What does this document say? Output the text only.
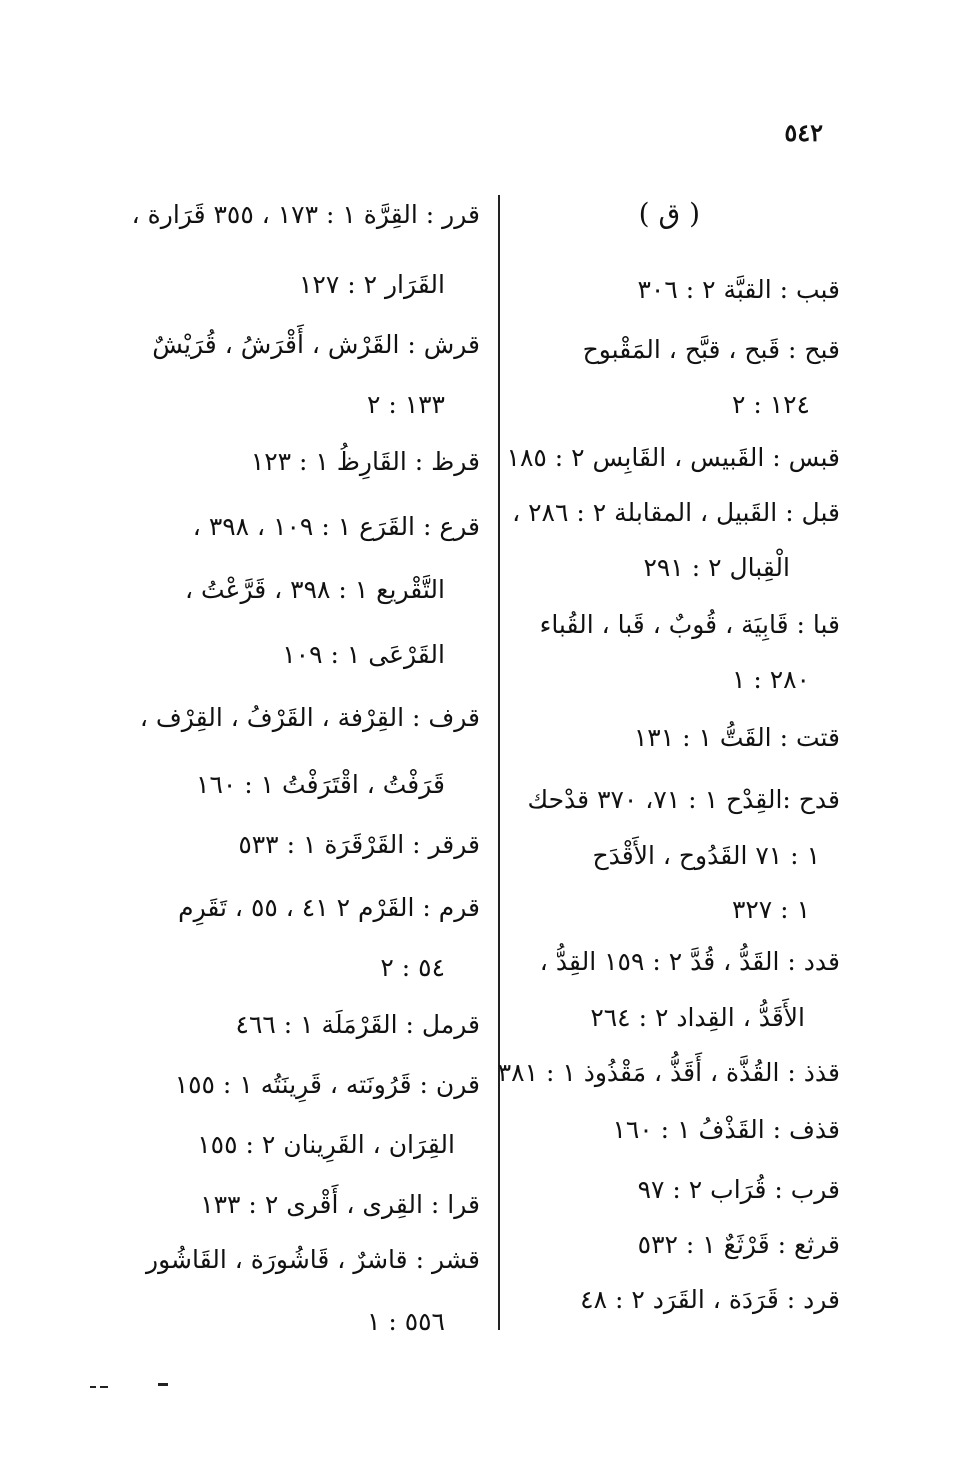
٥٤٢
( ق )
قبب : القبَّة ٢ : ٣٠٦
قبح : قَبح ، قبَّح ، المَقْبوح
١٢٤ : ٢
قبس : القَبيس ، القَابِس ٢ : ١٨٥
قبل : القَبيل ، المقابلة ٢ : ٢٨٦ ،
الْقِبال ٢ : ٢٩١
قبا : قَابِيَة ، قُوبٌ ، قَبا ، القُباء
٢٨٠ : ١
قتت : القَتُّ ١ : ١٣١
قدح :القِدْح ١ : ٧١، ٣٧٠ قدْحك
١ : ٧١ القَدُوح ، الأَقْدَح
١ : ٣٢٧
قدد : القَدُّ ، قُدَّ ٢ : ١٥٩ القِدُّ ،
الأَقَدُّ ، القِداد ٢ : ٢٦٤
قذذ : القُذَّة ، أَقَذُّ ، مَقْذُوذ ١ : ٣٨١
قذف : القَذْفُ ١ : ١٦٠
قرب : قُرَاب ٢ : ٩٧
قرثع : قَرْثَعٌ ١ : ٥٣٢
قرد : قَرَدَة ، القَرَد ٢ : ٤٨
قرر : القِرَّة ١ : ١٧٣ ، ٣٥٥ قَرَارة ،
القَرَار ٢ : ١٢٧
قرش : القَرْش ، أَقْرَشُ ، قُرَيْشٌ
١٣٣ : ٢
قرظ : القَارِظُ ١ : ١٢٣
قرع : القَرَع ١ : ١٠٩ ، ٣٩٨ ،
التَّقْريع ١ : ٣٩٨ ، قَرَّعْتُ ،
القَرْعَى ١ : ١٠٩
قرف : القِرْفة ، القَرْفُ ، القِرْف ،
قَرَفْتُ ، اقْتَرَفْتُ ١ : ١٦٠
قرقر : القَرْقَرَة ١ : ٥٣٣
قرم : القَرْم ٢ ٤١ ، ٥٥ ، تَقَرِم
٥٤ : ٢
قرمل : القَرْمَلَة ١ : ٤٦٦
قرن : قَرُونَته ، قَرِينَتُه ١ : ١٥٥
القِرَان ، القَرِينان ٢ : ١٥٥
قرا : القِرى ، أَقْرى ٢ : ١٣٣
قشر : قاشرٌ ، قَاشُورَة ، القَاشُور
٥٥٦ : ١
